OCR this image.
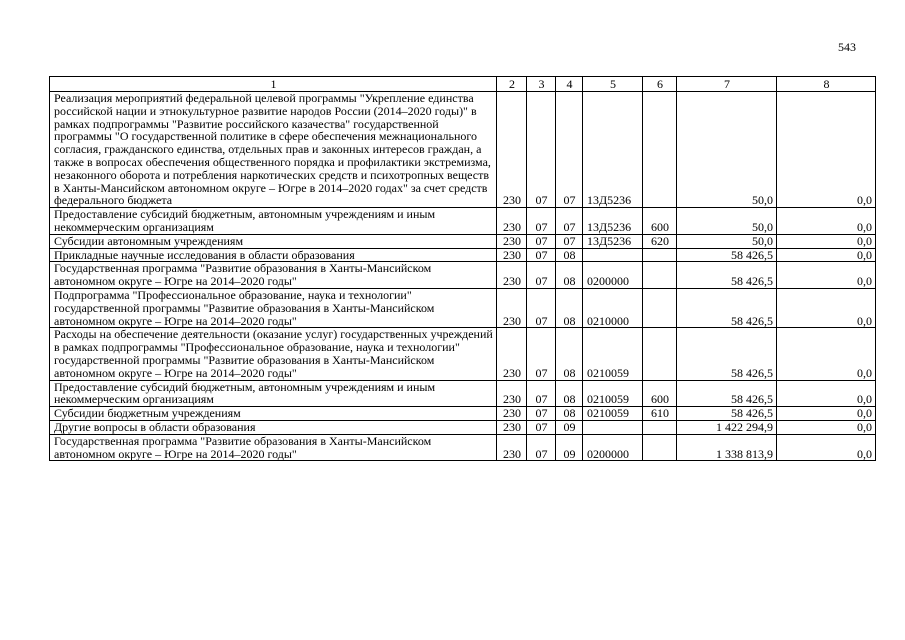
543
1	2	3	4	5	6	7	8
Реализация мероприятий федеральной целевой программы "Укрепление единства российской нации и этнокультурное развитие народов России (2014–2020 годы)" в рамках подпрограммы "Развитие российского казачества" государственной программы "О государственной политике в сфере обеспечения межнационального согласия, гражданского единства, отдельных прав и законных интересов граждан, а также в вопросах обеспечения общественного порядка и профилактики экстремизма, незаконного оборота и потребления наркотических средств и психотропных веществ в Ханты-Мансийском автономном округе – Югре в 2014–2020 годах" за счет средств федерального бюджета	230	07	07	13Д5236		50,0	0,0
Предоставление субсидий бюджетным, автономным учреждениям и иным некоммерческим организациям	230	07	07	13Д5236	600	50,0	0,0
Субсидии автономным учреждениям	230	07	07	13Д5236	620	50,0	0,0
Прикладные научные исследования в области образования	230	07	08			58 426,5	0,0
Государственная программа "Развитие образования в Ханты-Мансийском автономном округе – Югре на 2014–2020 годы"	230	07	08	0200000		58 426,5	0,0
Подпрограмма "Профессиональное образование, наука и технологии" государственной программы "Развитие образования в Ханты-Мансийском автономном округе – Югре на 2014–2020 годы"	230	07	08	0210000		58 426,5	0,0
Расходы на обеспечение деятельности (оказание услуг) государственных учреждений в рамках подпрограммы "Профессиональное образование, наука и технологии" государственной программы "Развитие образования в Ханты-Мансийском автономном округе – Югре на 2014–2020 годы"	230	07	08	0210059		58 426,5	0,0
Предоставление субсидий бюджетным, автономным учреждениям и иным некоммерческим организациям	230	07	08	0210059	600	58 426,5	0,0
Субсидии бюджетным учреждениям	230	07	08	0210059	610	58 426,5	0,0
Другие вопросы в области образования	230	07	09			1 422 294,9	0,0
Государственная программа "Развитие образования в Ханты-Мансийском автономном округе – Югре на 2014–2020 годы"	230	07	09	0200000		1 338 813,9	0,0
